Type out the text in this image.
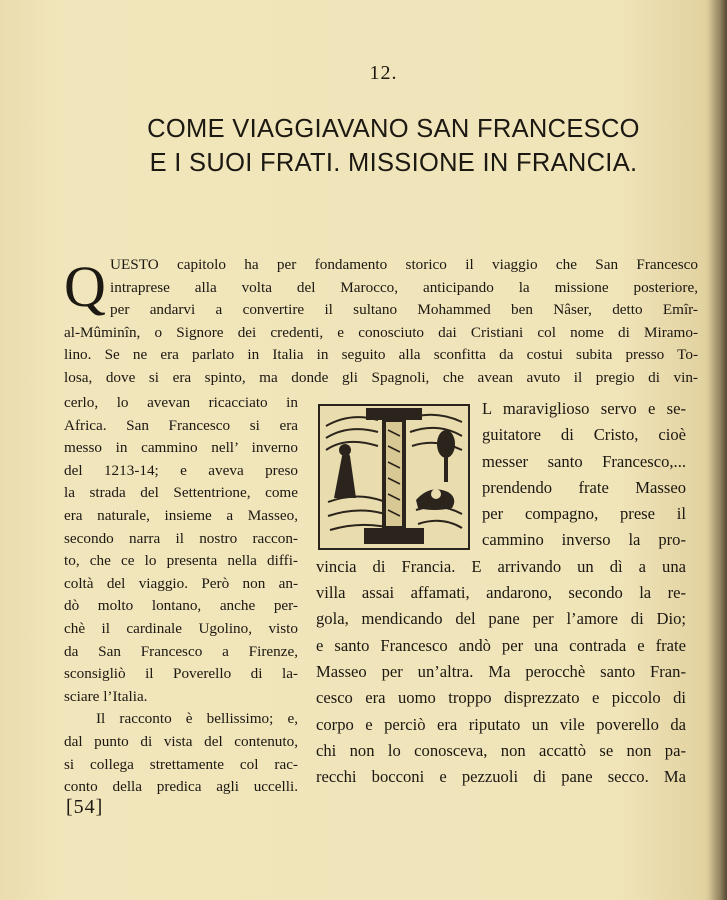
12.
COME VIAGGIAVANO SAN FRANCESCO
E I SUOI FRATI. MISSIONE IN FRANCIA.
Q UESTO capitolo ha per fondamento storico il viaggio che San Francesco
intraprese alla volta del Marocco, anticipando la missione posteriore,
per andarvi a convertire il sultano Mohammed ben Nâser, detto Emîr-
al-Mûminîn, o Signore dei credenti, e conosciuto dai Cristiani col nome di Miramo-
lino. Se ne era parlato in Italia in seguito alla sconfitta da costui subita presso To-
losa, dove si era spinto, ma donde gli Spagnoli, che avean avuto il pregio di vin-
cerlo, lo avevan ricacciato in
Africa. San Francesco si era
messo in cammino nell’ inverno
del 1213-14; e aveva preso
la strada del Settentrione, come
era naturale, insieme a Masseo,
secondo narra il nostro raccon-
to, che ce lo presenta nella diffi-
coltà del viaggio. Però non an-
dò molto lontano, anche per-
chè il cardinale Ugolino, visto
da San Francesco a Firenze,
sconsigliò il Poverello di la-
sciare l’Italia.
Il racconto è bellissimo; e,
dal punto di vista del contenuto,
si collega strettamente col rac-
conto della predica agli uccelli.
L maraviglioso servo e se-
guitatore di Cristo, cioè
messer santo Francesco,...
prendendo frate Masseo
per compagno, prese il
cammino inverso la pro-
vincia di Francia. E arrivando un dì a una
villa assai affamati, andarono, secondo la re-
gola, mendicando del pane per l’amore di Dio;
e santo Francesco andò per una contrada e frate
Masseo per un’altra. Ma perocchè santo Fran-
cesco era uomo troppo disprezzato e piccolo di
corpo e perciò era riputato un vile poverello da
chi non lo conosceva, non accattò se non pa-
recchi bocconi e pezzuoli di pane secco. Ma
[54]
